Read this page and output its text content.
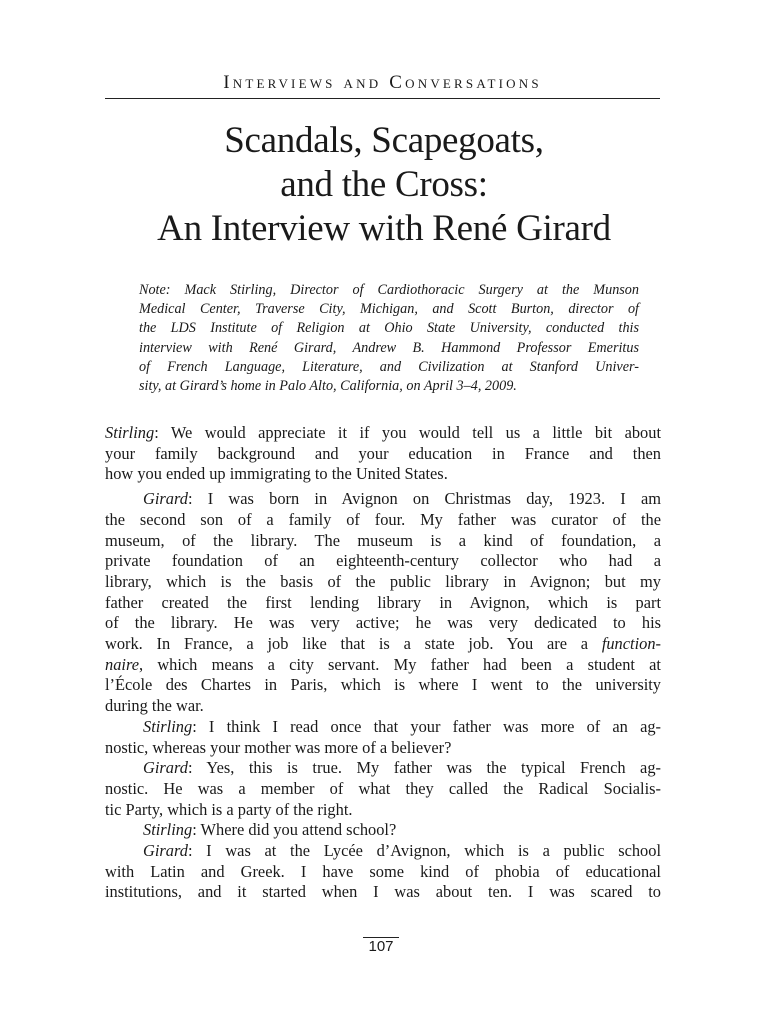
Interviews and Conversations
Scandals, Scapegoats,
and the Cross:
An Interview with René Girard
Note: Mack Stirling, Director of Cardiothoracic Surgery at the Munson
Medical Center, Traverse City, Michigan, and Scott Burton, director of
the LDS Institute of Religion at Ohio State University, conducted this
interview with René Girard, Andrew B. Hammond Professor Emeritus
of French Language, Literature, and Civilization at Stanford Univer-
sity, at Girard’s home in Palo Alto, California, on April 3–4, 2009.
Stirling: We would appreciate it if you would tell us a little bit about
your family background and your education in France and then
how you ended up immigrating to the United States.
Girard: I was born in Avignon on Christmas day, 1923. I am
the second son of a family of four. My father was curator of the
museum, of the library. The museum is a kind of foundation, a
private foundation of an eighteenth-century collector who had a
library, which is the basis of the public library in Avignon; but my
father created the first lending library in Avignon, which is part
of the library. He was very active; he was very dedicated to his
work. In France, a job like that is a state job. You are a function-
naire, which means a city servant. My father had been a student at
l’École des Chartes in Paris, which is where I went to the university
during the war.
Stirling: I think I read once that your father was more of an ag-
nostic, whereas your mother was more of a believer?
Girard: Yes, this is true. My father was the typical French ag-
nostic. He was a member of what they called the Radical Socialis-
tic Party, which is a party of the right.
Stirling: Where did you attend school?
Girard: I was at the Lycée d’Avignon, which is a public school
with Latin and Greek. I have some kind of phobia of educational
institutions, and it started when I was about ten. I was scared to
107
